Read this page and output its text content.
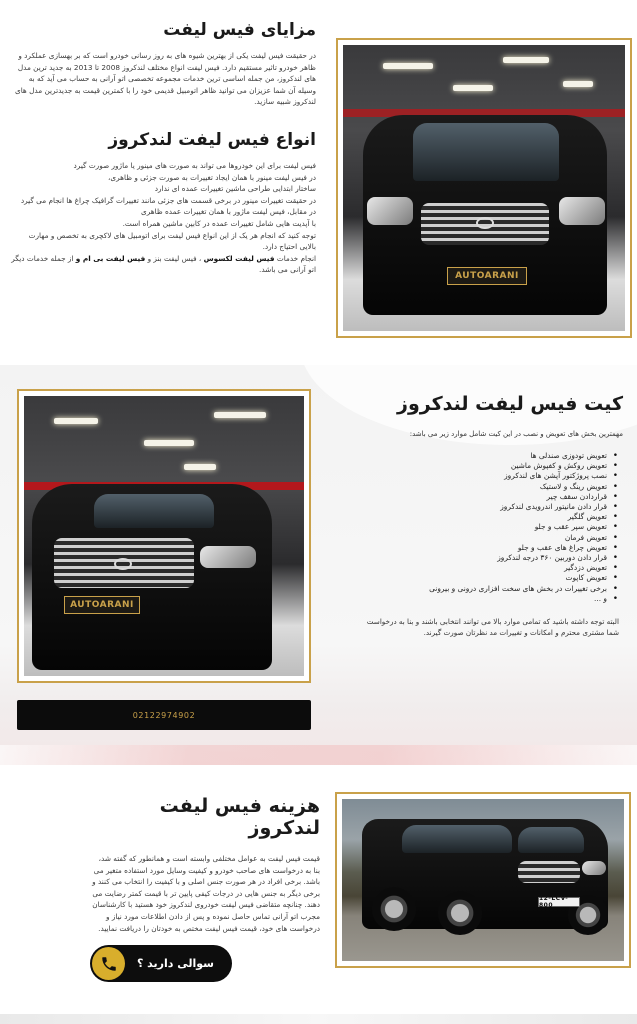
مزایای فیس لیفت

در حقیقت فیس لیفت یکی از بهترین شیوه های به روز رسانی خودرو است که بر بهسازی عملکرد و ظاهر خودرو تاثیر مستقیم دارد. فیس لیفت انواع مختلف لندکروز 2008 تا 2013 به جدید ترین مدل های لندکروز، من جمله اساسی ترین خدمات مجموعه تخصصی اتو آرانی به حساب می آید که به وسیله آن شما عزیزان می توانید ظاهر اتومبیل قدیمی خود را با کمترین قیمت به جدیدترین مدل های لندکروز شبیه سازید.

انواع فیس لیفت لندکروز
فیس لیفت برای این خودروها می تواند به صورت های مینور یا ماژور صورت گیرد
در فیس لیفت مینور با همان ایجاد تغییرات به صورت جزئی و ظاهری،
ساختار ابتدایی طراحی ماشین تغییرات عمده ای ندارد
در حقیقت تغییرات مینور در برخی قسمت های جزئی مانند تغییرات گرافیک چراغ ها انجام می گیرد
در مقابل، فیس لیفت ماژور با همان تغییرات عمده ظاهری
با آپدیت هایی شامل تغییرات عمده در کابین ماشین همراه است.
توجه کنید که انجام هر یک از این انواع فیس لیفت برای اتومبیل های لاکچری به تخصص و مهارت بالایی احتیاج دارد.
انجام خدمات فیس لیفت لکسوس ، فیس لیفت بنز و فیس لیفت بی ام و از جمله خدمات دیگر اتو آرانی می باشد.
AUTOARANI
AUTOARANI
کیت فیس لیفت لندکروز

مهمترین بخش های تعویض و نصب در این کیت شامل موارد زیر می باشد:

• تعویض تودوزی صندلی ها
• تعویض روکش و کفپوش ماشین
• نصب پروژکتور آپشن های لندکروز
• تعویض رینگ و لاستیک
• قراردادن سقف چیر
• قرار دادن مانیتور اندرویدی لندکروز
• تعویض گلگیر
• تعویض سپر عقب و جلو
• تعویض فرمان
• تعویض چراغ های عقب و جلو
• قرار دادن دوربین ۳۶۰ درجه لندکروز
• تعویض دزدگیر
• تعویض کاپوت
• برخی تغییرات در بخش های سخت افزاری درونی و بیرونی
• و ...

البته توجه داشته باشید که تمامی موارد بالا می توانند انتخابی باشند و بنا به درخواست شما مشتری محترم و امکانات و تغییرات مد نظرتان صورت گیرند.

02122974902
12-LCV-800
هزینه فیس لیفت لندکروز

قیمت فیس لیفت به عوامل مختلفی وابسته است و همانطور که گفته شد، بنا به درخواست های صاحب خودرو و کیفیت وسایل مورد استفاده متغیر می باشد. برخی افراد در هر صورت جنس اصلی و با کیفیت را انتخاب می کنند و برخی دیگر به جنس هایی در درجات کیفی پایین تر با قیمت کمتر رضایت می دهند. چنانچه متقاضی فیس لیفت خودروی لندکروز خود هستید با کارشناسان مجرب اتو آرانی تماس حاصل نموده و پس از دادن اطلاعات مورد نیاز و درخواست های خود، قیمت فیس لیفت مختص به خودتان را دریافت نمایید.

سوالی دارید ؟
